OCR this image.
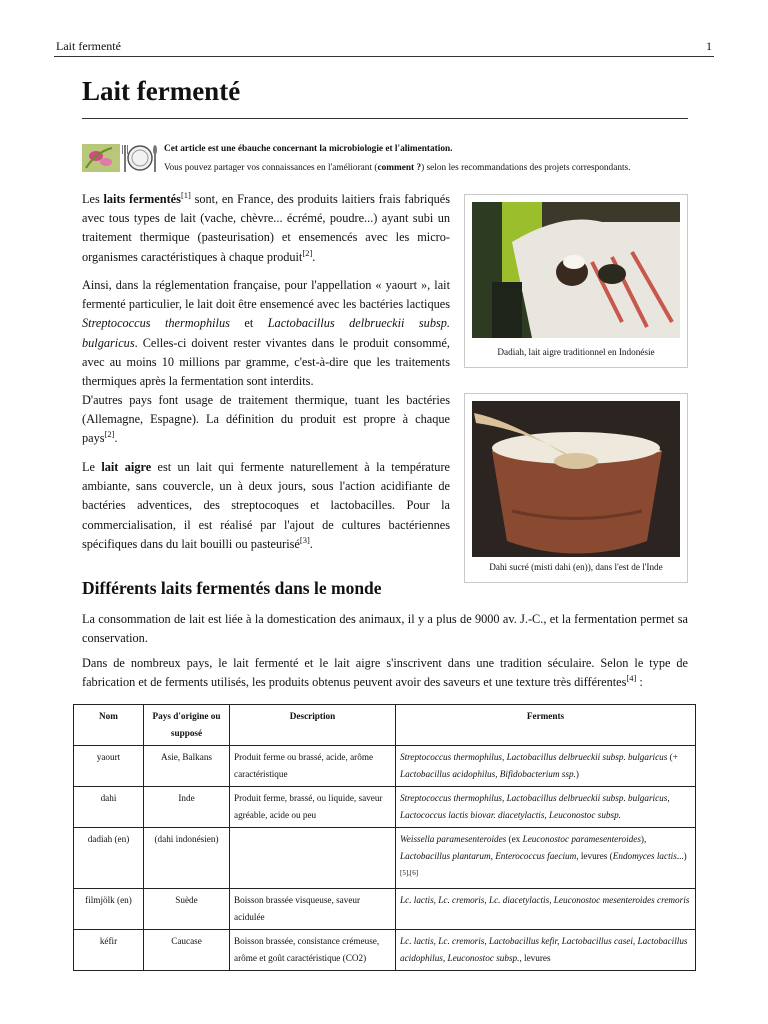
Lait fermenté	1
Lait fermenté
Cet article est une ébauche concernant la microbiologie et l'alimentation.
Vous pouvez partager vos connaissances en l'améliorant (comment ?) selon les recommandations des projets correspondants.

Les laits fermentés[1] sont, en France, des produits laitiers frais fabriqués avec tous types de lait (vache, chèvre... écrémé, poudre...) ayant subi un traitement thermique (pasteurisation) et ensemencés avec les micro-organismes caractéristiques à chaque produit[2].

Ainsi, dans la réglementation française, pour l'appellation « yaourt », lait fermenté particulier, le lait doit être ensemencé avec les bactéries lactiques Streptococcus thermophilus et Lactobacillus delbrueckii subsp. bulgaricus. Celles-ci doivent rester vivantes dans le produit consommé, avec au moins 10 millions par gramme, c'est-à-dire que les traitements thermiques après la fermentation sont interdits.

D'autres pays font usage de traitement thermique, tuant les bactéries (Allemagne, Espagne). La définition du produit est propre à chaque pays[2].

Le lait aigre est un lait qui fermente naturellement à la température ambiante, sans couvercle, un à deux jours, sous l'action acidifiante de bactéries adventices, des streptocoques et lactobacilles. Pour la commercialisation, il est réalisé par l'ajout de cultures bactériennes spécifiques dans du lait bouilli ou pasteurisé[3].

Dadiah, lait aigre traditionnel en Indonésie
Dahi sucré (misti dahi (en)), dans l'est de l'Inde
Différents laits fermentés dans le monde

La consommation de lait est liée à la domestication des animaux, il y a plus de 9000 av. J.-C., et la fermentation permet sa conservation.

Dans de nombreux pays, le lait fermenté et le lait aigre s'inscrivent dans une tradition séculaire. Selon le type de fabrication et de ferments utilisés, les produits obtenus peuvent avoir des saveurs et une texture très différentes[4] :

Nom	Pays d'origine ou supposé	Description	Ferments
yaourt	Asie, Balkans	Produit ferme ou brassé, acide, arôme caractéristique	Streptococcus thermophilus, Lactobacillus delbrueckii subsp. bulgaricus (+ Lactobacillus acidophilus, Bifidobacterium ssp.)
dahi	Inde	Produit ferme, brassé, ou liquide, saveur agréable, acide ou peu	Streptococcus thermophilus, Lactobacillus delbrueckii subsp. bulgaricus, Lactococcus lactis biovar. diacetylactis, Leuconostoc subsp.
dadiah (en)	(dahi indonésien)		Weissella paramesenteroides (ex Leuconostoc paramesenteroides), Lactobacillus plantarum, Enterococcus faecium, levures (Endomyces lactis...)[5],[6]
filmjölk (en)	Suède	Boisson brassée visqueuse, saveur acidulée	Lc. lactis, Lc. cremoris, Lc. diacetylactis, Leuconostoc mesenteroides cremoris
kéfir	Caucase	Boisson brassée, consistance crémeuse, arôme et goût caractéristique (CO2)	Lc. lactis, Lc. cremoris, Lactobacillus kefir, Lactobacillus casei, Lactobacillus acidophilus, Leuconostoc subsp., levures
